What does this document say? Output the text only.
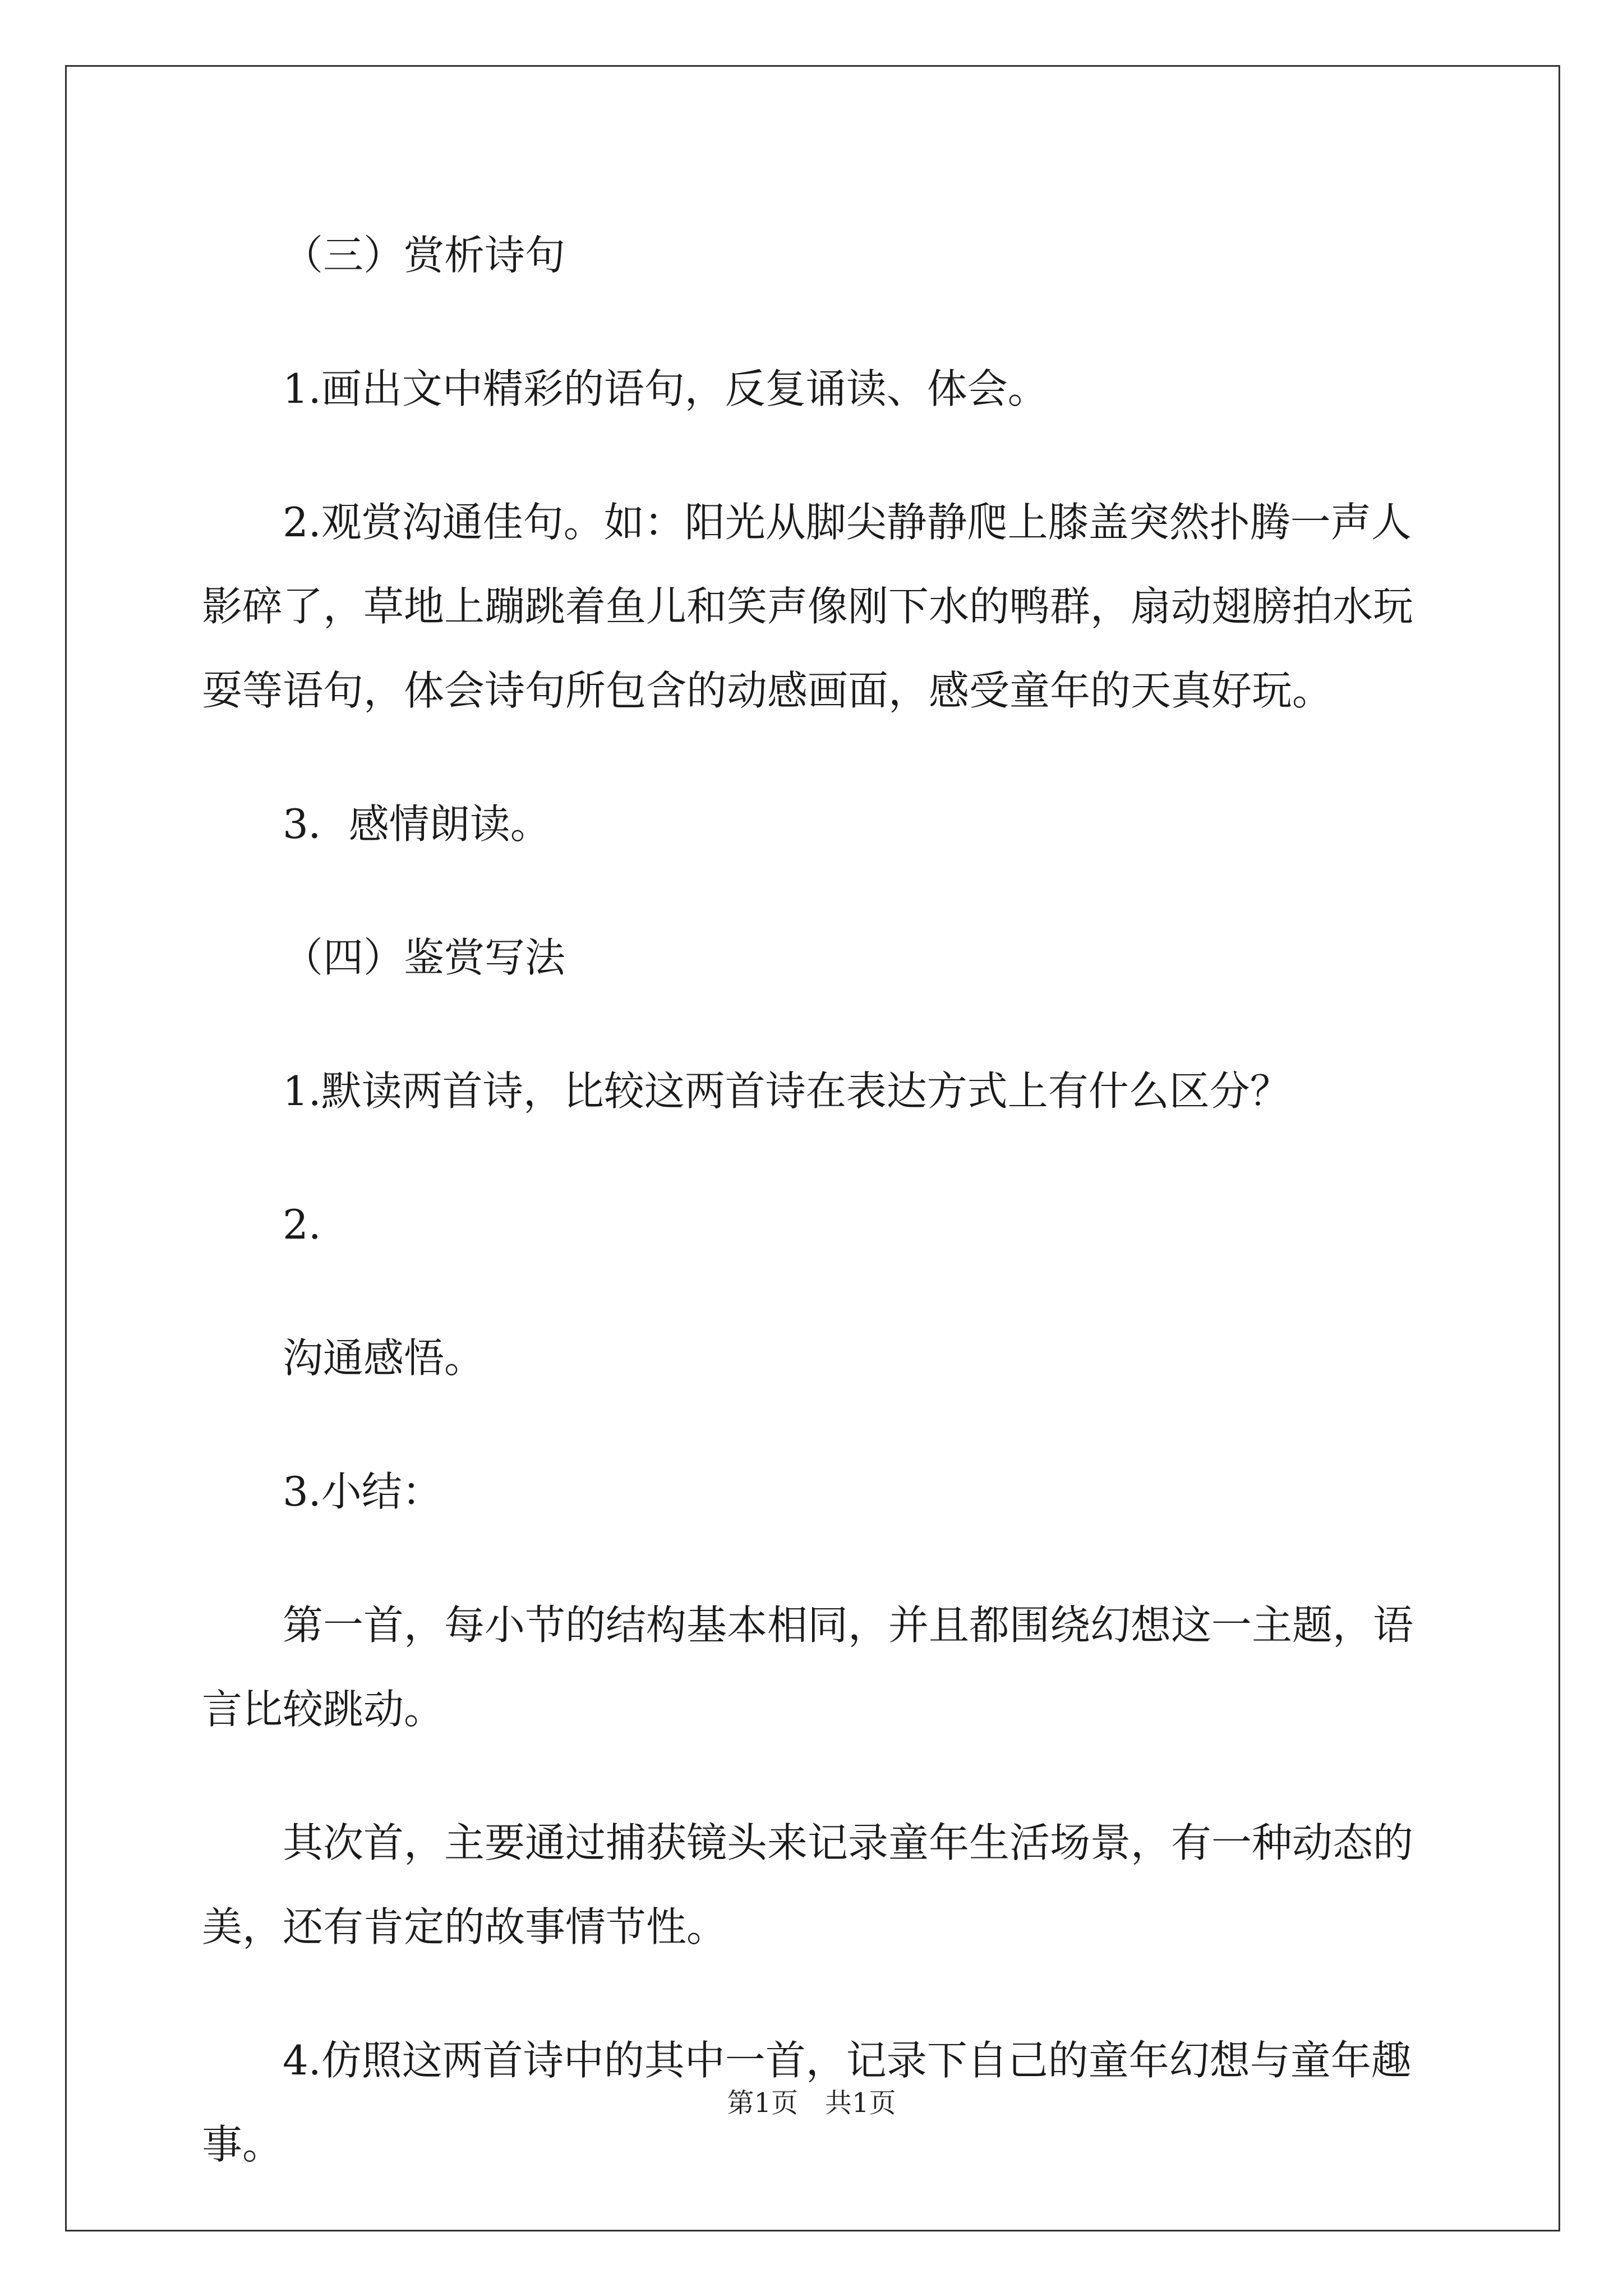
（三）赏析诗句

1.画出文中精彩的语句，反复诵读、体会。

2.观赏沟通佳句。如：阳光从脚尖静静爬上膝盖突然扑腾一声人影碎了，草地上蹦跳着鱼儿和笑声像刚下水的鸭群，扇动翅膀拍水玩耍等语句，体会诗句所包含的动感画面，感受童年的天真好玩。

3．感情朗读。

（四）鉴赏写法

1.默读两首诗，比较这两首诗在表达方式上有什么区分？

2.

沟通感悟。

3.小结：

第一首，每小节的结构基本相同，并且都围绕幻想这一主题，语言比较跳动。

其次首，主要通过捕获镜头来记录童年生活场景，有一种动态的美，还有肯定的故事情节性。

4.仿照这两首诗中的其中一首，记录下自己的童年幻想与童年趣事。

第1页　共1页
